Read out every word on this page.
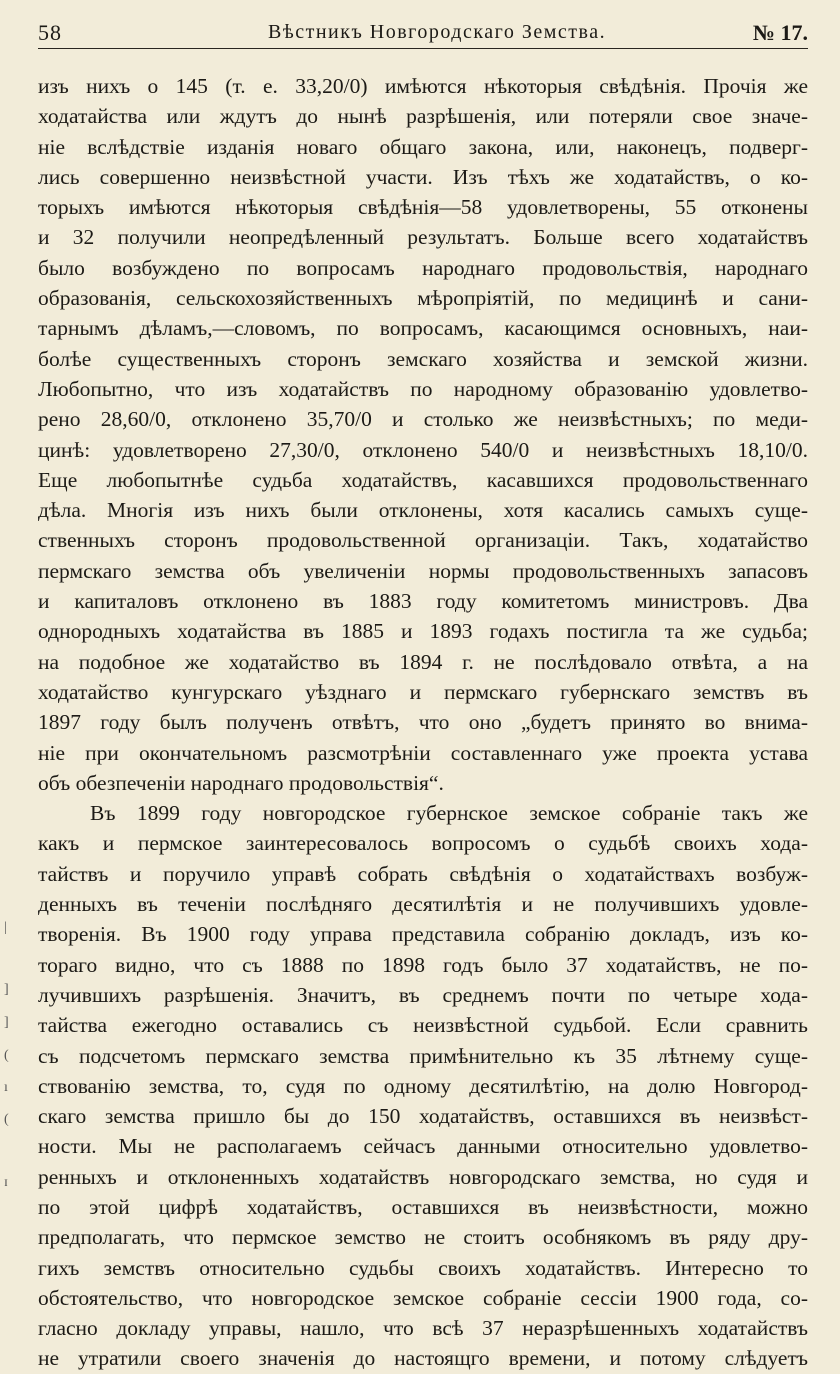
58	Вѣстникъ Новгородскаго Земства.	№ 17.
изъ нихъ о 145 (т. е. 33,20/0) имѣются нѣкоторыя свѣдѣнія. Прочія же
ходатайства или ждутъ до нынѣ разрѣшенія, или потеряли свое значе-
ніе вслѣдствіе изданія новаго общаго закона, или, наконецъ, подверг-
лись совершенно неизвѣстной участи. Изъ тѣхъ же ходатайствъ, о ко-
торыхъ имѣются нѣкоторыя свѣдѣнія—58 удовлетворены, 55 отконены
и 32 получили неопредѣленный результатъ. Больше всего ходатайствъ
было возбуждено по вопросамъ народнаго продовольствія, народнаго
образованія, сельскохозяйственныхъ мѣропріятій, по медицинѣ и сани-
тарнымъ дѣламъ,—словомъ, по вопросамъ, касающимся основныхъ, наи-
болѣе существенныхъ сторонъ земскаго хозяйства и земской жизни.
Любопытно, что изъ ходатайствъ по народному образованію удовлетво-
рено 28,60/0, отклонено 35,70/0 и столько же неизвѣстныхъ; по меди-
цинѣ: удовлетворено 27,30/0, отклонено 540/0 и неизвѣстныхъ 18,10/0.
Еще любопытнѣе судьба ходатайствъ, касавшихся продовольственнаго
дѣла. Многія изъ нихъ были отклонены, хотя касались самыхъ суще-
ственныхъ сторонъ продовольственной организаціи. Такъ, ходатайство
пермскаго земства объ увеличеніи нормы продовольственныхъ запасовъ
и капиталовъ отклонено въ 1883 году комитетомъ министровъ. Два
однородныхъ ходатайства въ 1885 и 1893 годахъ постигла та же судьба;
на подобное же ходатайство въ 1894 г. не послѣдовало отвѣта, а на
ходатайство кунгурскаго уѣзднаго и пермскаго губернскаго земствъ въ
1897 году былъ полученъ отвѣтъ, что оно „будетъ принято во внима-
ніе при окончательномъ разсмотрѣніи составленнаго уже проекта устава
объ обезпеченіи народнаго продовольствія“.
Въ 1899 году новгородское губернское земское собраніе такъ же
какъ и пермское заинтересовалось вопросомъ о судьбѣ своихъ хода-
тайствъ и поручило управѣ собрать свѣдѣнія о ходатайствахъ возбуж-
денныхъ въ теченіи послѣдняго десятилѣтія и не получившихъ удовле-
творенія. Въ 1900 году управа представила собранію докладъ, изъ ко-
тораго видно, что съ 1888 по 1898 годъ было 37 ходатайствъ, не по-
лучившихъ разрѣшенія. Значитъ, въ среднемъ почти по четыре хода-
тайства ежегодно оставались съ неизвѣстной судьбой. Если сравнить
съ подсчетомъ пермскаго земства примѣнительно къ 35 лѣтнему суще-
ствованію земства, то, судя по одному десятилѣтію, на долю Новгород-
скаго земства пришло бы до 150 ходатайствъ, оставшихся въ неизвѣст-
ности. Мы не располагаемъ сейчасъ данными относительно удовлетво-
ренныхъ и отклоненныхъ ходатайствъ новгородскаго земства, но судя и
по этой цифрѣ ходатайствъ, оставшихся въ неизвѣстности, можно
предполагать, что пермское земство не стоитъ особнякомъ въ ряду дру-
гихъ земствъ относительно судьбы своихъ ходатайствъ. Интересно то
обстоятельство, что новгородское земское собраніе сессіи 1900 года, со-
гласно докладу управы, нашло, что всѣ 37 неразрѣшенныхъ ходатайствъ
не утратили своего значенія до настоящго времени, и потому слѣдуетъ
|
]
]
(
ı
(
ɪ
